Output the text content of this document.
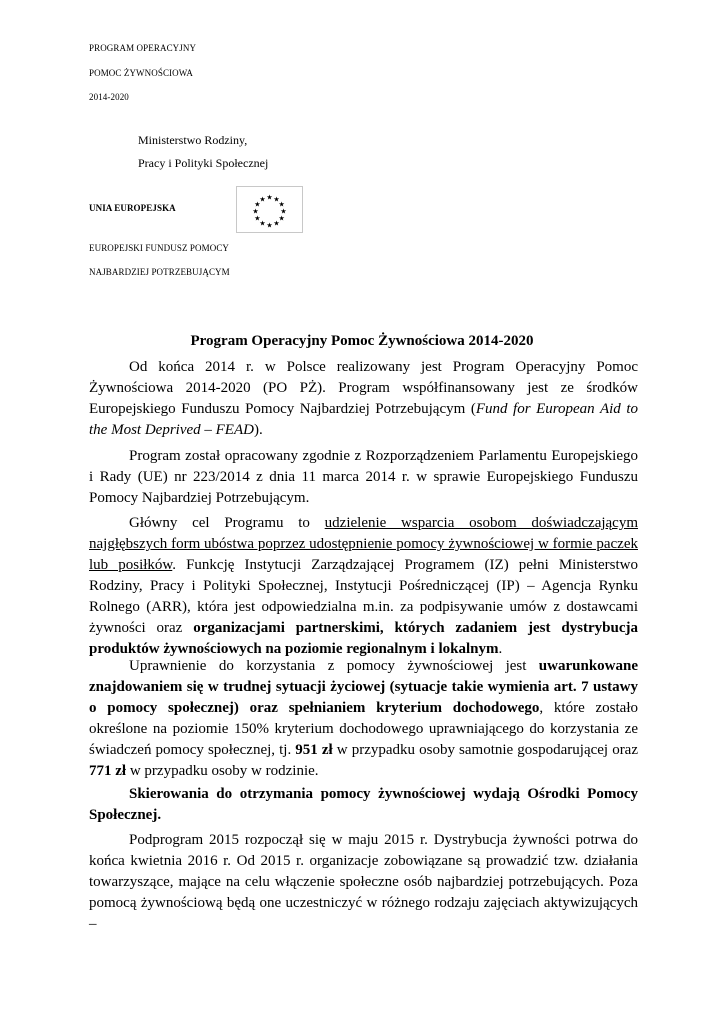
PROGRAM OPERACYJNY

POMOC ŻYWNOŚCIOWA

2014-2020

Ministerstwo Rodziny,

Pracy i Polityki Społecznej

UNIA EUROPEJSKA

★ ★
★
★
★
★
★
★
★
★
★
★

EUROPEJSKI FUNDUSZ POMOCY

NAJBARDZIEJ POTRZEBUJĄCYM

Program Operacyjny Pomoc Żywnościowa 2014-2020

Od końca 2014 r. w Polsce realizowany jest Program Operacyjny Pomoc Żywnościowa 2014-2020 (PO PŻ). Program współfinansowany jest ze środków Europejskiego Funduszu Pomocy Najbardziej Potrzebującym (Fund for European Aid to the Most Deprived – FEAD).

Program został opracowany zgodnie z Rozporządzeniem Parlamentu Europejskiego i Rady (UE) nr 223/2014 z dnia 11 marca 2014 r. w sprawie Europejskiego Funduszu Pomocy Najbardziej Potrzebującym.

Główny cel Programu to udzielenie wsparcia osobom doświadczającym najgłębszych form ubóstwa poprzez udostępnienie pomocy żywnościowej w formie paczek lub posiłków. Funkcję Instytucji Zarządzającej Programem (IZ) pełni Ministerstwo Rodziny, Pracy i Polityki Społecznej, Instytucji Pośredniczącej (IP) – Agencja Rynku Rolnego (ARR), która jest odpowiedzialna m.in. za podpisywanie umów z dostawcami żywności oraz organizacjami partnerskimi, których zadaniem jest dystrybucja produktów żywnościowych na poziomie regionalnym i lokalnym.

Uprawnienie do korzystania z pomocy żywnościowej jest uwarunkowane znajdowaniem się w trudnej sytuacji życiowej (sytuacje takie wymienia art. 7 ustawy o pomocy społecznej) oraz spełnianiem kryterium dochodowego, które zostało określone na poziomie 150% kryterium dochodowego uprawniającego do korzystania ze świadczeń pomocy społecznej, tj. 951 zł w przypadku osoby samotnie gospodarującej oraz 771 zł w przypadku osoby w rodzinie.

Skierowania do otrzymania pomocy żywnościowej wydają Ośrodki Pomocy Społecznej.

Podprogram 2015 rozpoczął się w maju 2015 r. Dystrybucja żywności potrwa do końca kwietnia 2016 r. Od 2015 r. organizacje zobowiązane są prowadzić tzw. działania towarzyszące, mające na celu włączenie społeczne osób najbardziej potrzebujących. Poza pomocą żywnościową będą one uczestniczyć w różnego rodzaju zajęciach aktywizujących –
